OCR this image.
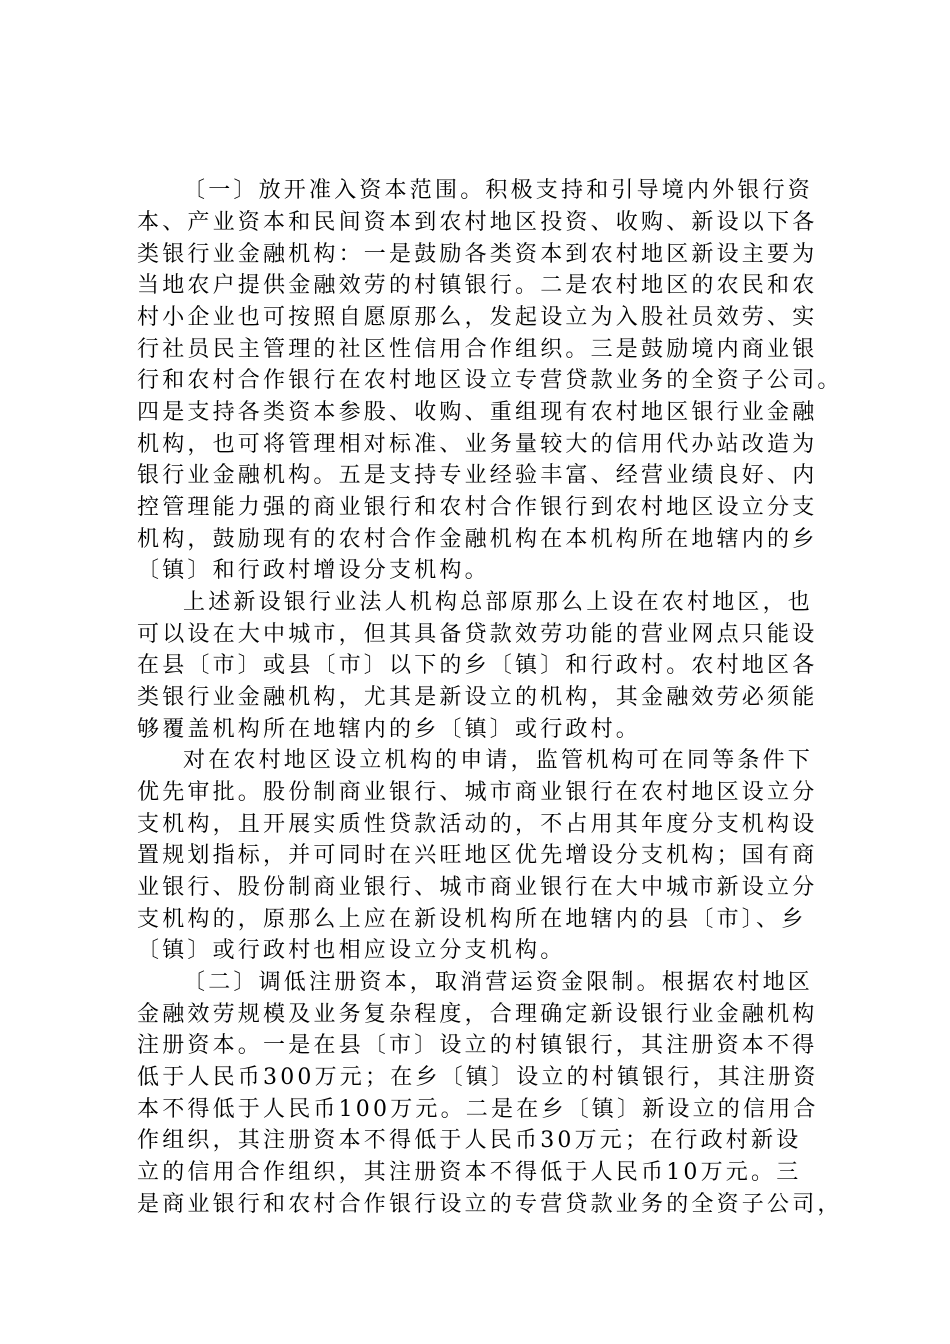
〔一〕放开准入资本范围。积极支持和引导境内外银行资
本、产业资本和民间资本到农村地区投资、收购、新设以下各
类银行业金融机构：一是鼓励各类资本到农村地区新设主要为
当地农户提供金融效劳的村镇银行。二是农村地区的农民和农
村小企业也可按照自愿原那么，发起设立为入股社员效劳、实
行社员民主管理的社区性信用合作组织。三是鼓励境内商业银
行和农村合作银行在农村地区设立专营贷款业务的全资子公司。
四是支持各类资本参股、收购、重组现有农村地区银行业金融
机构，也可将管理相对标准、业务量较大的信用代办站改造为
银行业金融机构。五是支持专业经验丰富、经营业绩良好、内
控管理能力强的商业银行和农村合作银行到农村地区设立分支
机构，鼓励现有的农村合作金融机构在本机构所在地辖内的乡
〔镇〕和行政村增设分支机构。
上述新设银行业法人机构总部原那么上设在农村地区，也
可以设在大中城市，但其具备贷款效劳功能的营业网点只能设
在县〔市〕或县〔市〕以下的乡〔镇〕和行政村。农村地区各
类银行业金融机构，尤其是新设立的机构，其金融效劳必须能
够覆盖机构所在地辖内的乡〔镇〕或行政村。
对在农村地区设立机构的申请，监管机构可在同等条件下
优先审批。股份制商业银行、城市商业银行在农村地区设立分
支机构，且开展实质性贷款活动的，不占用其年度分支机构设
置规划指标，并可同时在兴旺地区优先增设分支机构；国有商
业银行、股份制商业银行、城市商业银行在大中城市新设立分
支机构的，原那么上应在新设机构所在地辖内的县〔市〕、乡
〔镇〕或行政村也相应设立分支机构。
〔二〕调低注册资本，取消营运资金限制。根据农村地区
金融效劳规模及业务复杂程度，合理确定新设银行业金融机构
注册资本。一是在县〔市〕设立的村镇银行，其注册资本不得
低于人民币300万元；在乡〔镇〕设立的村镇银行，其注册资
本不得低于人民币100万元。二是在乡〔镇〕新设立的信用合
作组织，其注册资本不得低于人民币30万元；在行政村新设
立的信用合作组织，其注册资本不得低于人民币10万元。三
是商业银行和农村合作银行设立的专营贷款业务的全资子公司，
